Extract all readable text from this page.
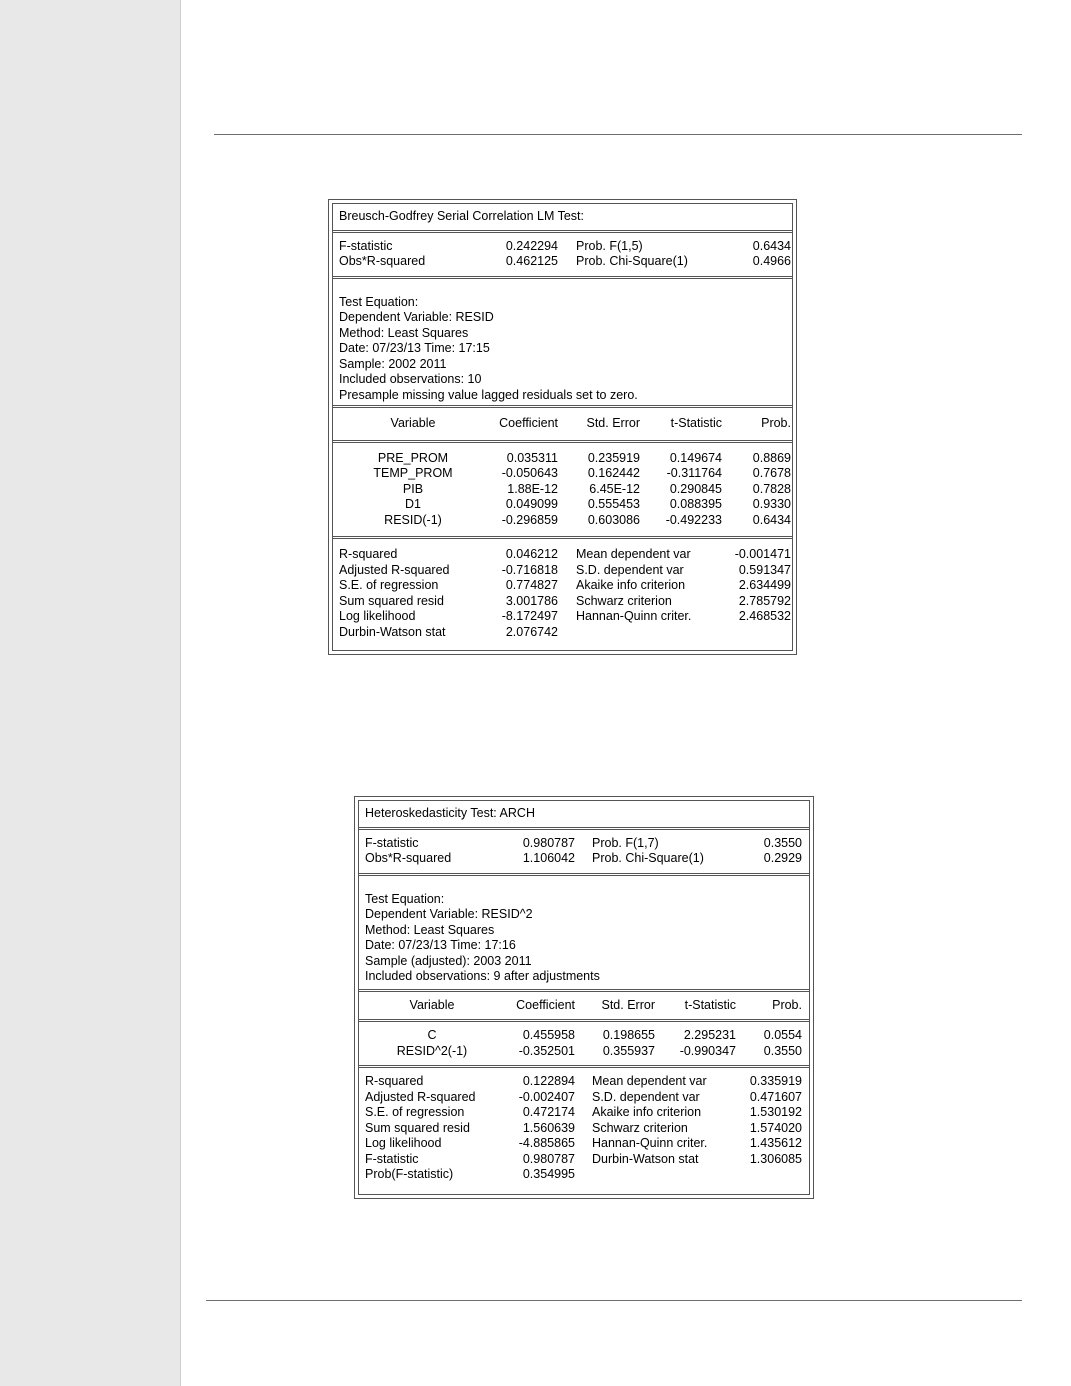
Breusch-Godfrey Serial Correlation LM Test:
F-statistic	0.242294 Prob. F(1,5)	0.6434
Obs*R-squared	0.462125 Prob. Chi-Square(1)	0.4966
Test Equation:
Dependent Variable: RESID
Method: Least Squares
Date: 07/23/13 Time: 17:15
Sample: 2002 2011
Included observations: 10
Presample missing value lagged residuals set to zero.
Variable	Coefficient	Std. Error	t-Statistic	Prob.
PRE_PROM	0.035311	0.235919	0.149674	0.8869
TEMP_PROM	-0.050643	0.162442	-0.311764	0.7678
PIB	1.88E-12	6.45E-12	0.290845	0.7828
D1	0.049099	0.555453	0.088395	0.9330
RESID(-1)	-0.296859	0.603086	-0.492233	0.6434
R-squared	0.046212 Mean dependent var	-0.001471
Adjusted R-squared	-0.716818 S.D. dependent var	0.591347
S.E. of regression	0.774827 Akaike info criterion	2.634499
Sum squared resid	3.001786 Schwarz criterion	2.785792
Log likelihood	-8.172497 Hannan-Quinn criter.	2.468532
Durbin-Watson stat	2.076742
Heteroskedasticity Test: ARCH
F-statistic	0.980787 Prob. F(1,7)	0.3550
Obs*R-squared	1.106042 Prob. Chi-Square(1)	0.2929
Test Equation:
Dependent Variable: RESID^2
Method: Least Squares
Date: 07/23/13 Time: 17:16
Sample (adjusted): 2003 2011
Included observations: 9 after adjustments
Variable	Coefficient	Std. Error	t-Statistic	Prob.
C	0.455958	0.198655	2.295231	0.0554
RESID^2(-1)	-0.352501	0.355937	-0.990347	0.3550
R-squared	0.122894 Mean dependent var	0.335919
Adjusted R-squared	-0.002407 S.D. dependent var	0.471607
S.E. of regression	0.472174 Akaike info criterion	1.530192
Sum squared resid	1.560639 Schwarz criterion	1.574020
Log likelihood	-4.885865 Hannan-Quinn criter.	1.435612
F-statistic	0.980787 Durbin-Watson stat	1.306085
Prob(F-statistic)	0.354995
